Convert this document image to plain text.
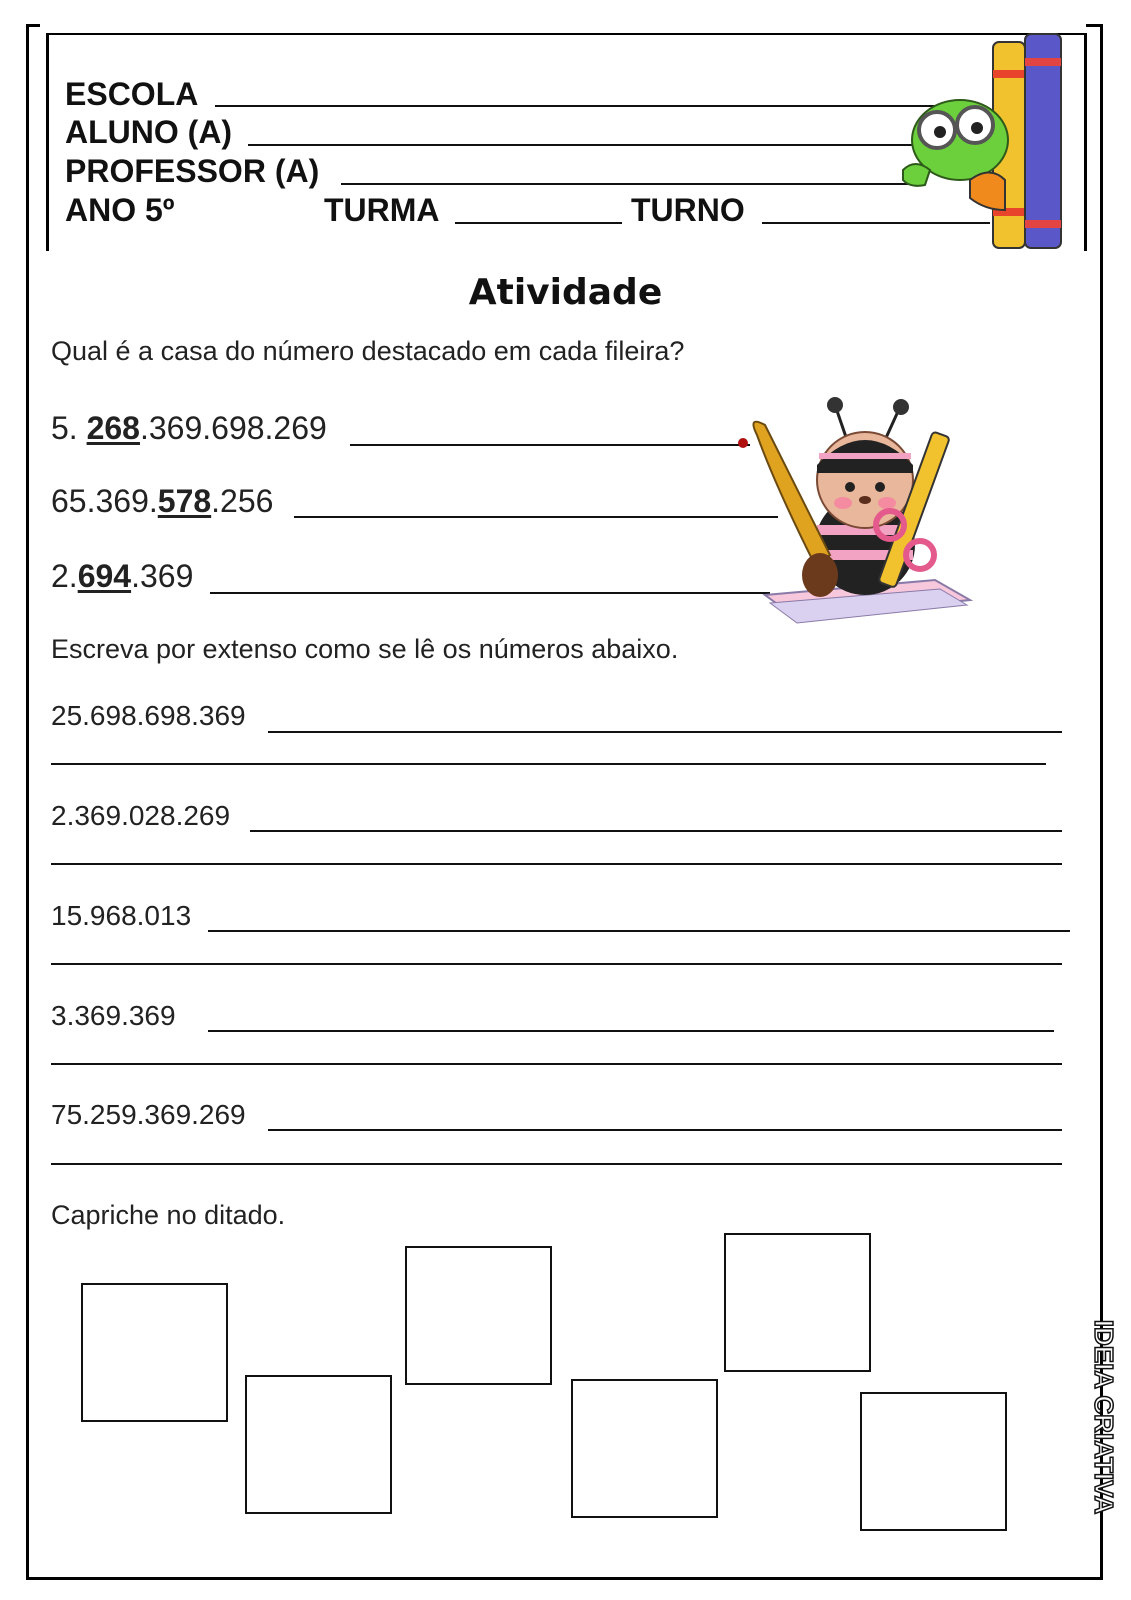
ESCOLA
ALUNO (A)
PROFESSOR (A)
ANO 5º	TURMA	TURNO
Atividade
Qual é a casa do número destacado em cada fileira?
5. 268.369.698.269
65.369.578.256
2.694.369
Escreva por extenso como se lê os números abaixo.
25.698.698.369
2.369.028.269
15.968.013
3.369.369
75.259.369.269
Capriche no ditado.
IDEIA CRIATIVA
